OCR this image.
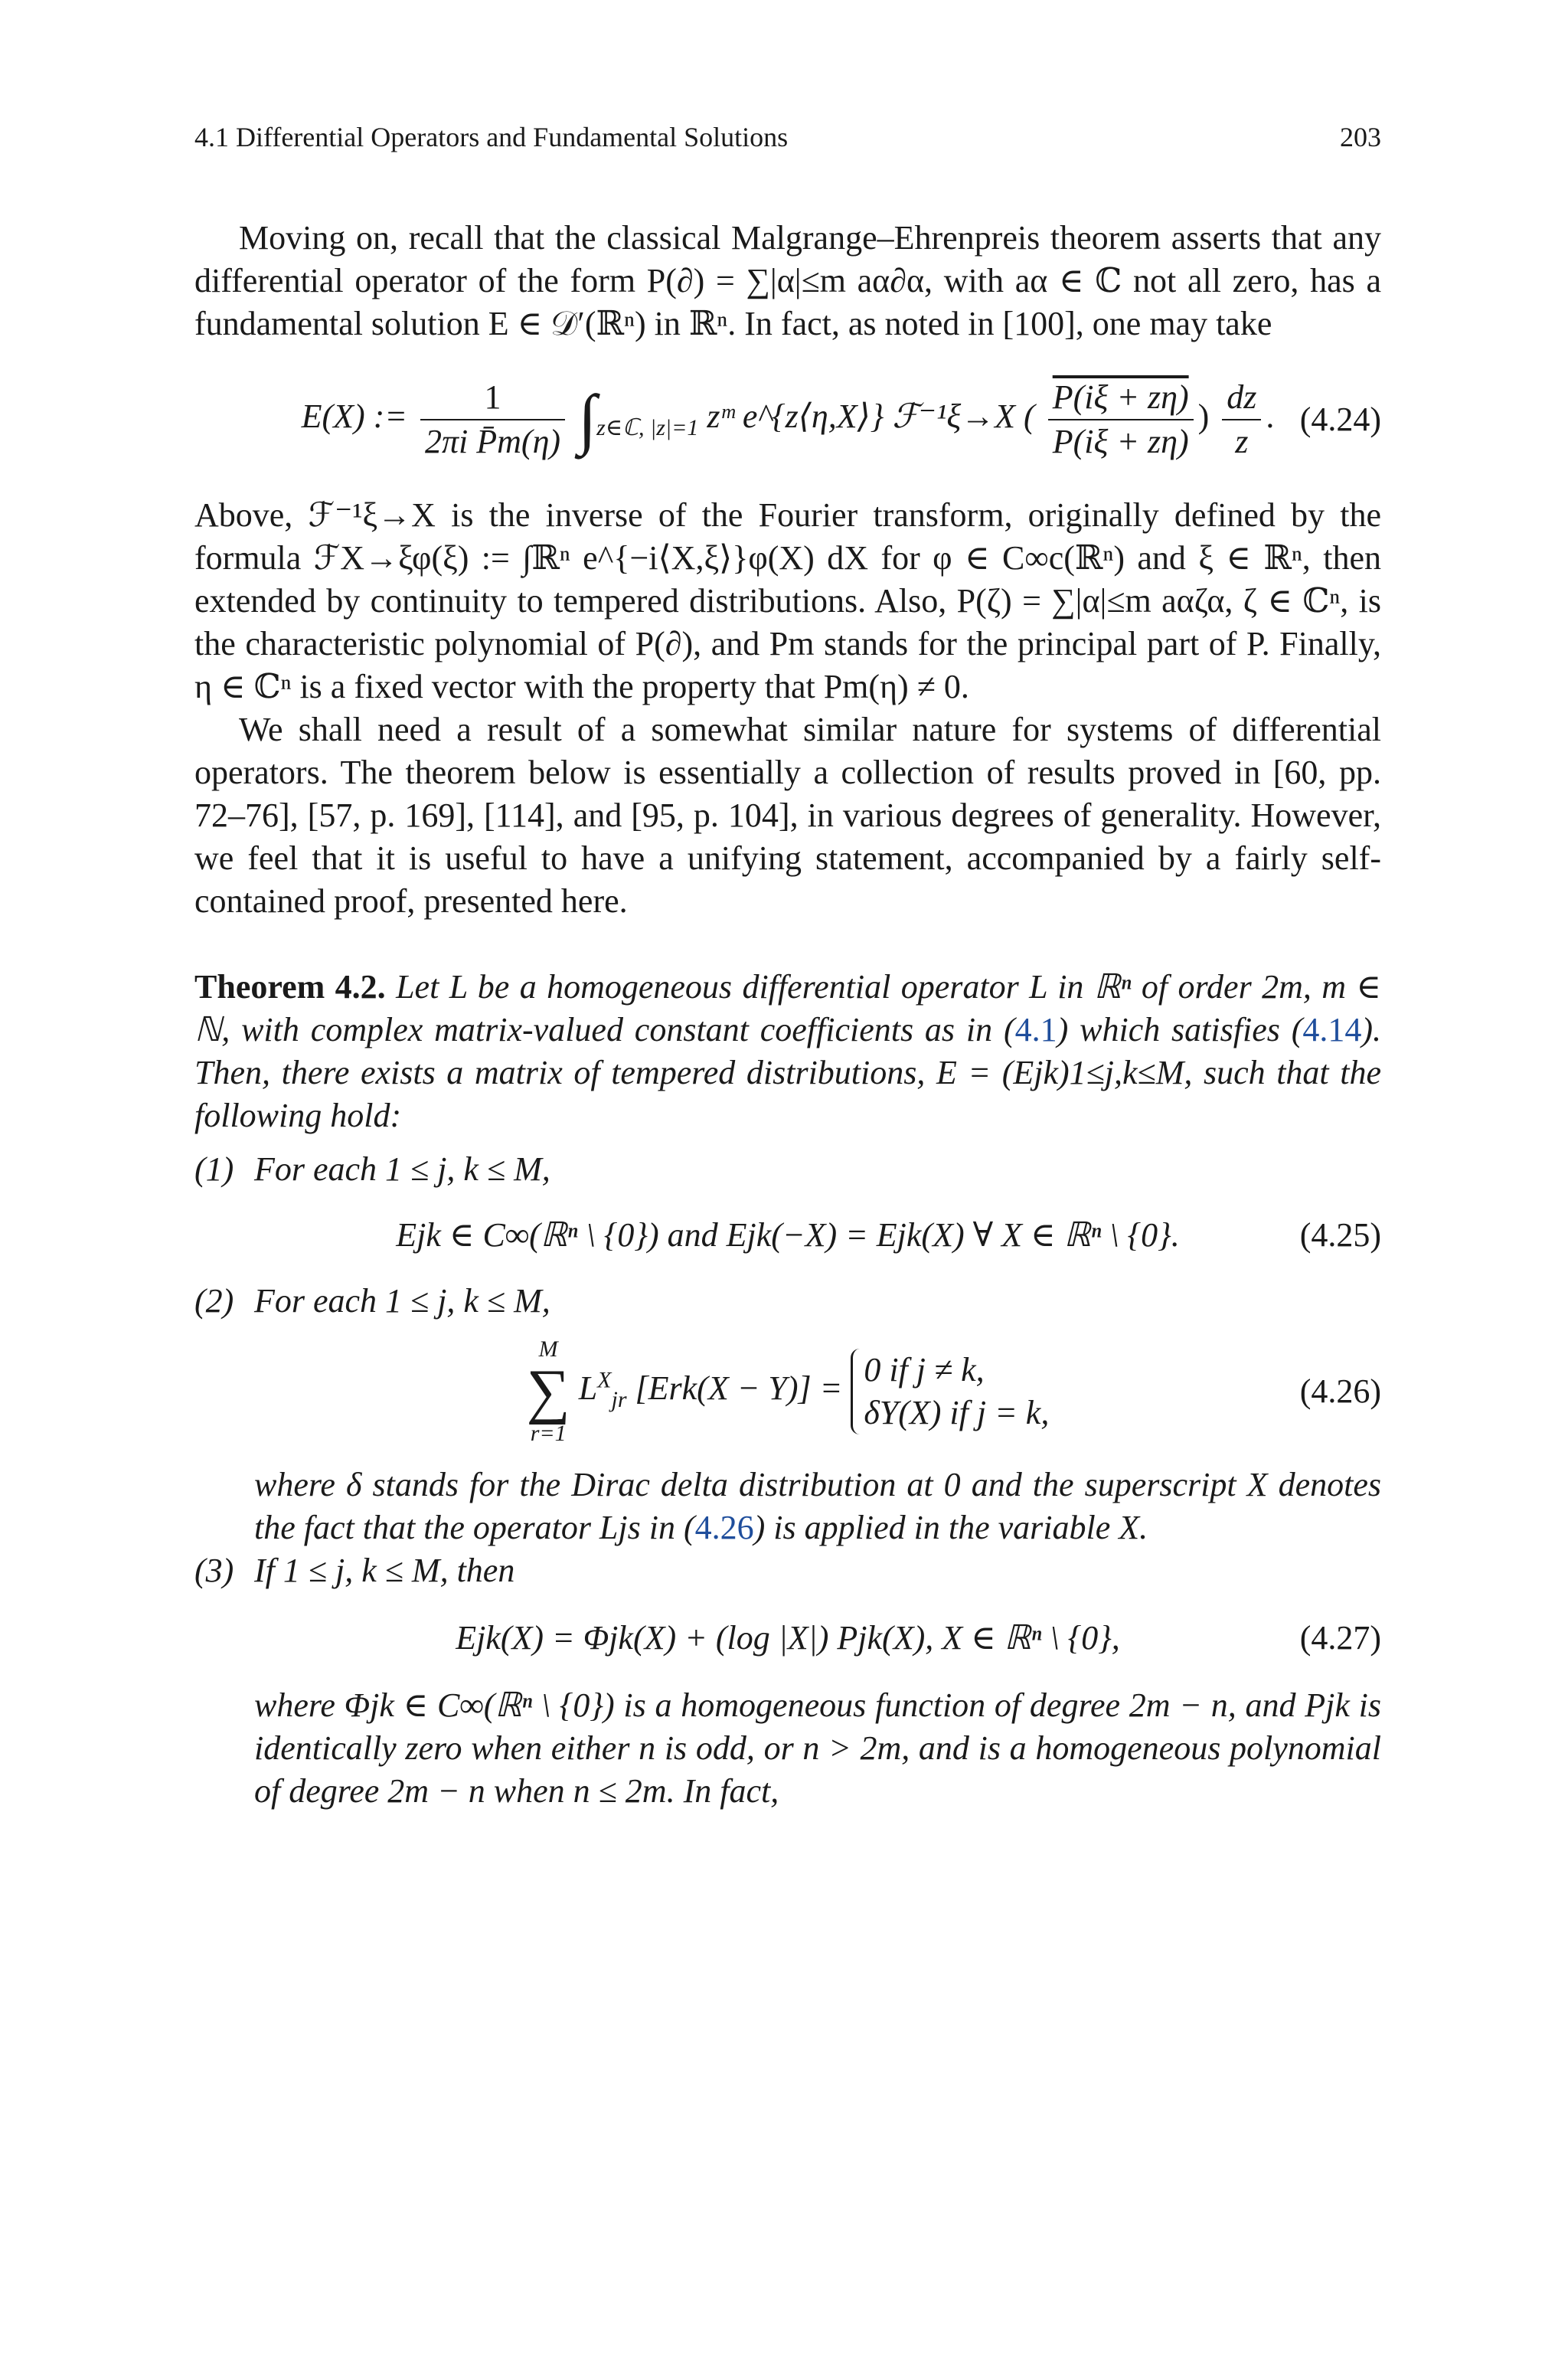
4.1 Differential Operators and Fundamental Solutions	203

Moving on, recall that the classical Malgrange–Ehrenpreis theorem asserts that any differential operator of the form P(∂) = ∑|α|≤m aα∂α, with aα ∈ ℂ not all zero, has a fundamental solution E ∈ 𝒟′(ℝⁿ) in ℝⁿ. In fact, as noted in [100], one may take

E(X) := $\frac{1}{\text{2πi P̄m(η)}} \int_{z\in ℂ, |z|=1}$ zᵐ e^{z⟨η,X⟩} ℱ⁻¹ξ→X ( $\frac{P(i\xi + z\eta)}{P(i\xi + z\eta)}$ ) $\frac{dz}{z}$ . (4.24)

Above, ℱ⁻¹ξ→X is the inverse of the Fourier transform, originally defined by the formula ℱX→ξφ(ξ) := ∫ℝⁿ e^{−i⟨X,ξ⟩}φ(X) dX for φ ∈ C∞c(ℝⁿ) and ξ ∈ ℝⁿ, then extended by continuity to tempered distributions. Also, P(ζ) = ∑|α|≤m aαζα, ζ ∈ ℂⁿ, is the characteristic polynomial of P(∂), and Pm stands for the principal part of P. Finally, η ∈ ℂⁿ is a fixed vector with the property that Pm(η) ≠ 0.

We shall need a result of a somewhat similar nature for systems of differential operators. The theorem below is essentially a collection of results proved in [60, pp. 72–76], [57, p. 169], [114], and [95, p. 104], in various degrees of generality. However, we feel that it is useful to have a unifying statement, accompanied by a fairly self-contained proof, presented here.

Theorem 4.2. Let L be a homogeneous differential operator L in ℝⁿ of order 2m, m ∈ ℕ, with complex matrix-valued constant coefficients as in (4.1) which satisfies (4.14). Then, there exists a matrix of tempered distributions, E = (Ejk)1≤j,k≤M, such that the following hold:

(1) For each 1 ≤ j, k ≤ M,
Ejk ∈ C∞(ℝⁿ \ {0}) and Ejk(−X) = Ejk(X) ∀ X ∈ ℝⁿ \ {0}.	(4.25)
(2) For each 1 ≤ j, k ≤ M,
M
∑
r=1
$L^X_{jr}$ [Erk(X − Y)] = 0 if j ≠ k,
δY(X) if j = k,
(4.26)

where δ stands for the Dirac delta distribution at 0 and the superscript X denotes the fact that the operator Ljs in (4.26) is applied in the variable X.

(3) If 1 ≤ j, k ≤ M, then
Ejk(X) = Φjk(X) + (log |X|) Pjk(X), X ∈ ℝⁿ \ {0},	(4.27)

where Φjk ∈ C∞(ℝⁿ \ {0}) is a homogeneous function of degree 2m − n, and Pjk is identically zero when either n is odd, or n > 2m, and is a homogeneous polynomial of degree 2m − n when n ≤ 2m. In fact,
